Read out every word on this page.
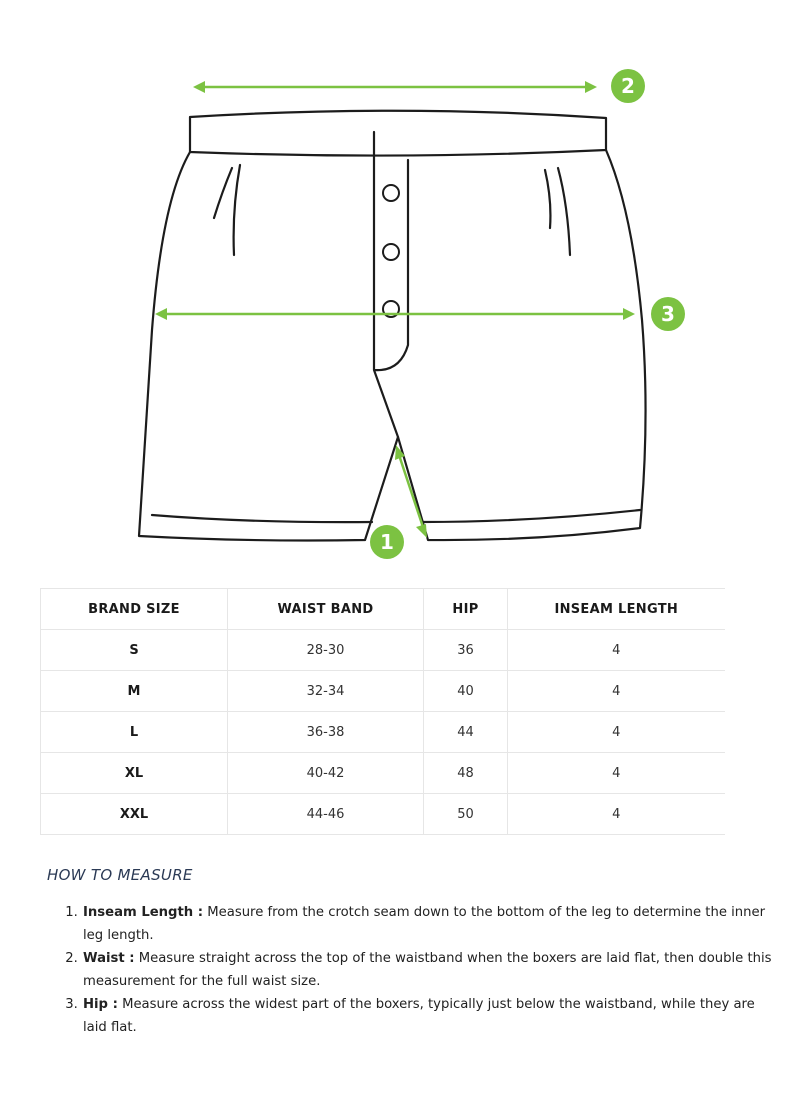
2
3
1
BRAND SIZE	WAIST BAND	HIP	INSEAM LENGTH
S	28-30	36	4
M	32-34	40	4
L	36-38	44	4
XL	40-42	48	4
XXL	44-46	50	4
HOW TO MEASURE
1. Inseam Length : Measure from the crotch seam down to the bottom of the leg to determine the inner leg length.
2. Waist : Measure straight across the top of the waistband when the boxers are laid flat, then double this measurement for the full waist size.
3. Hip : Measure across the widest part of the boxers, typically just below the waistband, while they are laid flat.
